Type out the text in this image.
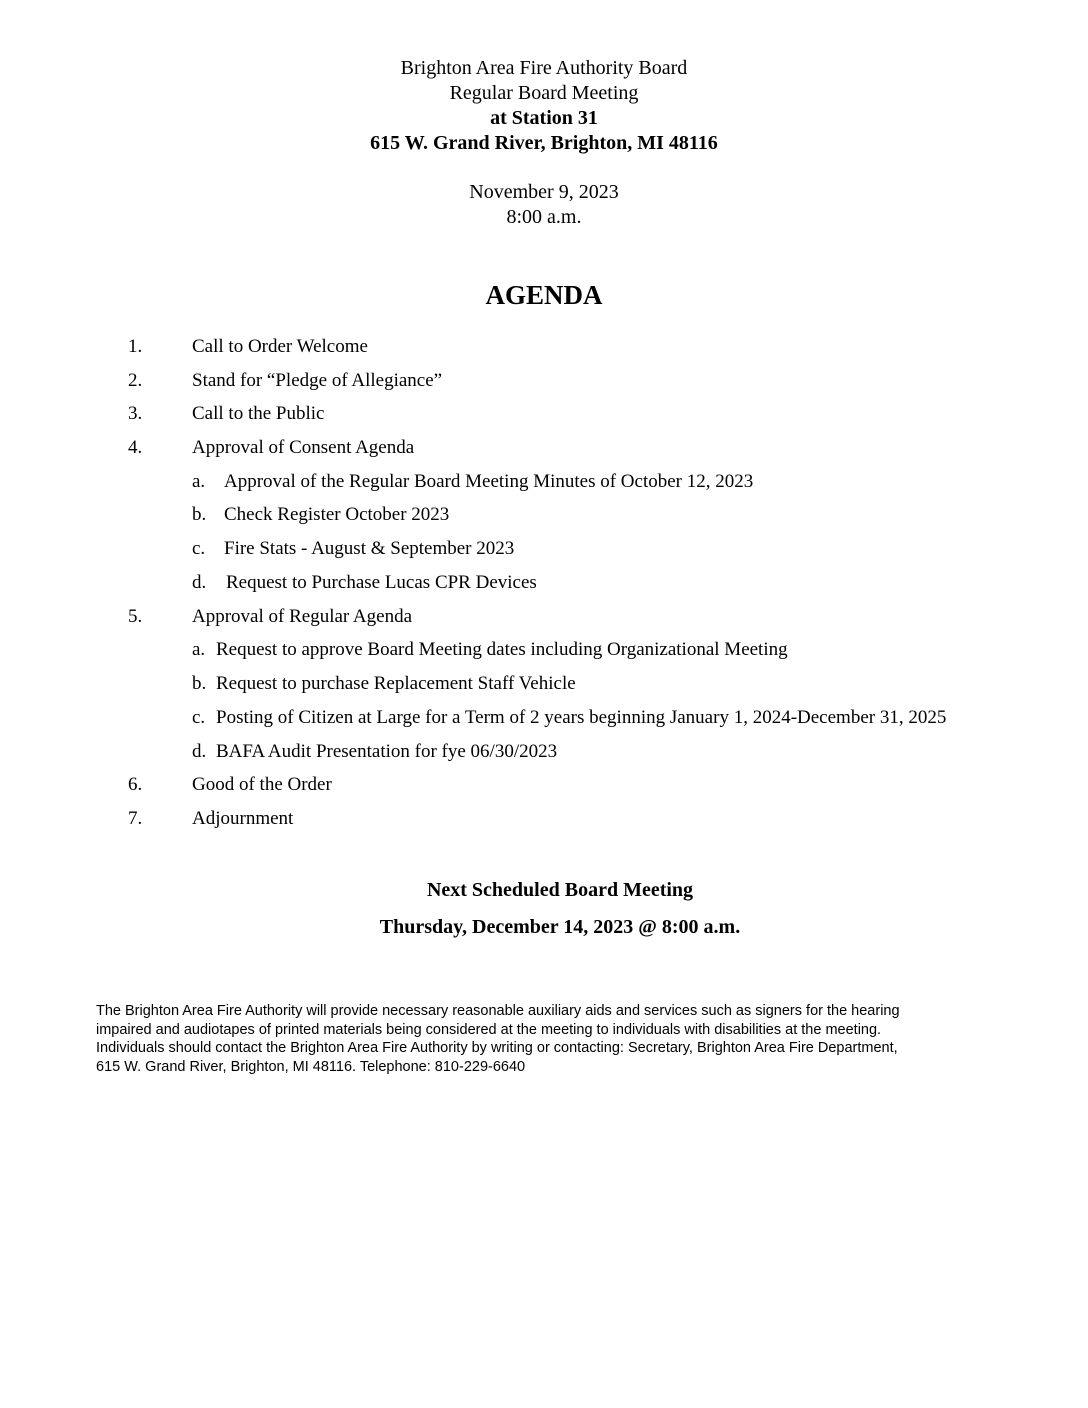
Brighton Area Fire Authority Board
Regular Board Meeting
at Station 31
615 W. Grand River, Brighton, MI 48116
November 9, 2023
8:00 a.m.
AGENDA
1.	Call to Order Welcome
2.	Stand for “Pledge of Allegiance”
3.	Call to the Public
4.	Approval of Consent Agenda
a. Approval of the Regular Board Meeting Minutes of October 12, 2023
b. Check Register October 2023
c. Fire Stats - August & September 2023
d. Request to Purchase Lucas CPR Devices
5.	Approval of Regular Agenda
a. Request to approve Board Meeting dates including Organizational Meeting
b. Request to purchase Replacement Staff Vehicle
c. Posting of Citizen at Large for a Term of 2 years beginning January 1, 2024-December 31, 2025
d. BAFA Audit Presentation for fye 06/30/2023
6.	Good of the Order
7.	Adjournment
Next Scheduled Board Meeting
Thursday, December 14, 2023 @ 8:00 a.m.
The Brighton Area Fire Authority will provide necessary reasonable auxiliary aids and services such as signers for the hearing
impaired and audiotapes of printed materials being considered at the meeting to individuals with disabilities at the meeting.
Individuals should contact the Brighton Area Fire Authority by writing or contacting: Secretary, Brighton Area Fire Department,
615 W. Grand River, Brighton, MI 48116. Telephone: 810-229-6640
